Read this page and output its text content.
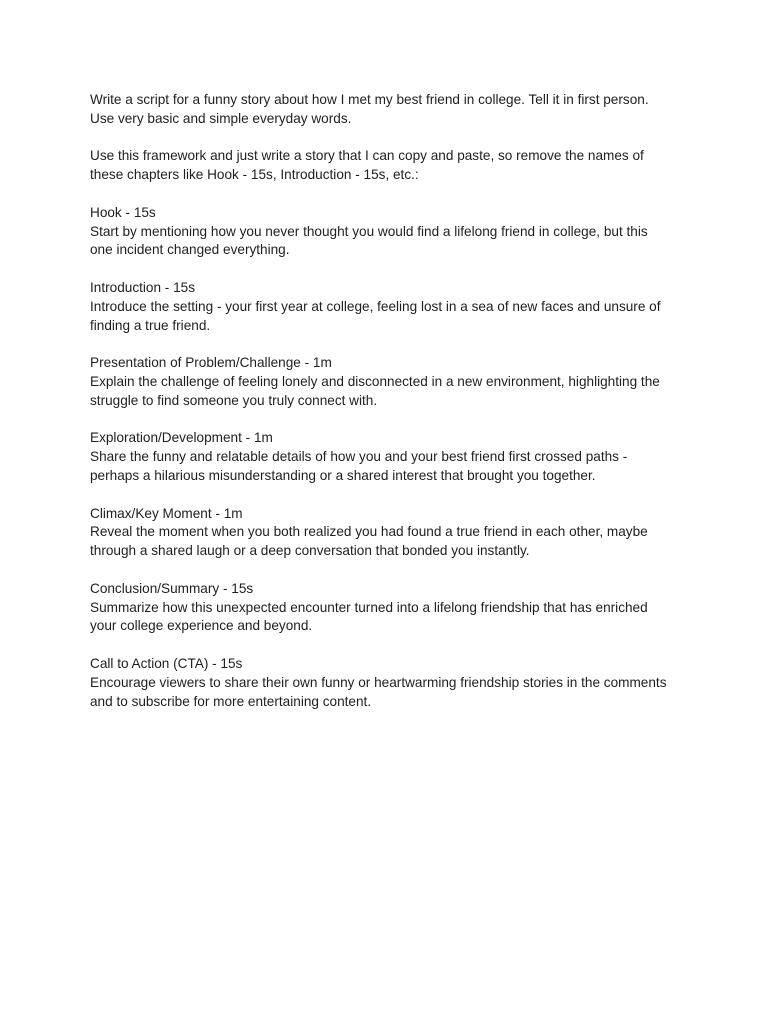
Write a script for a funny story about how I met my best friend in college. Tell it in first person.
Use very basic and simple everyday words.

Use this framework and just write a story that I can copy and paste, so remove the names of
these chapters like Hook - 15s, Introduction - 15s, etc.:

Hook - 15s

Start by mentioning how you never thought you would find a lifelong friend in college, but this
one incident changed everything.

Introduction - 15s

Introduce the setting - your first year at college, feeling lost in a sea of new faces and unsure of
finding a true friend.

Presentation of Problem/Challenge - 1m

Explain the challenge of feeling lonely and disconnected in a new environment, highlighting the
struggle to find someone you truly connect with.

Exploration/Development - 1m

Share the funny and relatable details of how you and your best friend first crossed paths -
perhaps a hilarious misunderstanding or a shared interest that brought you together.

Climax/Key Moment - 1m

Reveal the moment when you both realized you had found a true friend in each other, maybe
through a shared laugh or a deep conversation that bonded you instantly.

Conclusion/Summary - 15s

Summarize how this unexpected encounter turned into a lifelong friendship that has enriched
your college experience and beyond.

Call to Action (CTA) - 15s

Encourage viewers to share their own funny or heartwarming friendship stories in the comments
and to subscribe for more entertaining content.
